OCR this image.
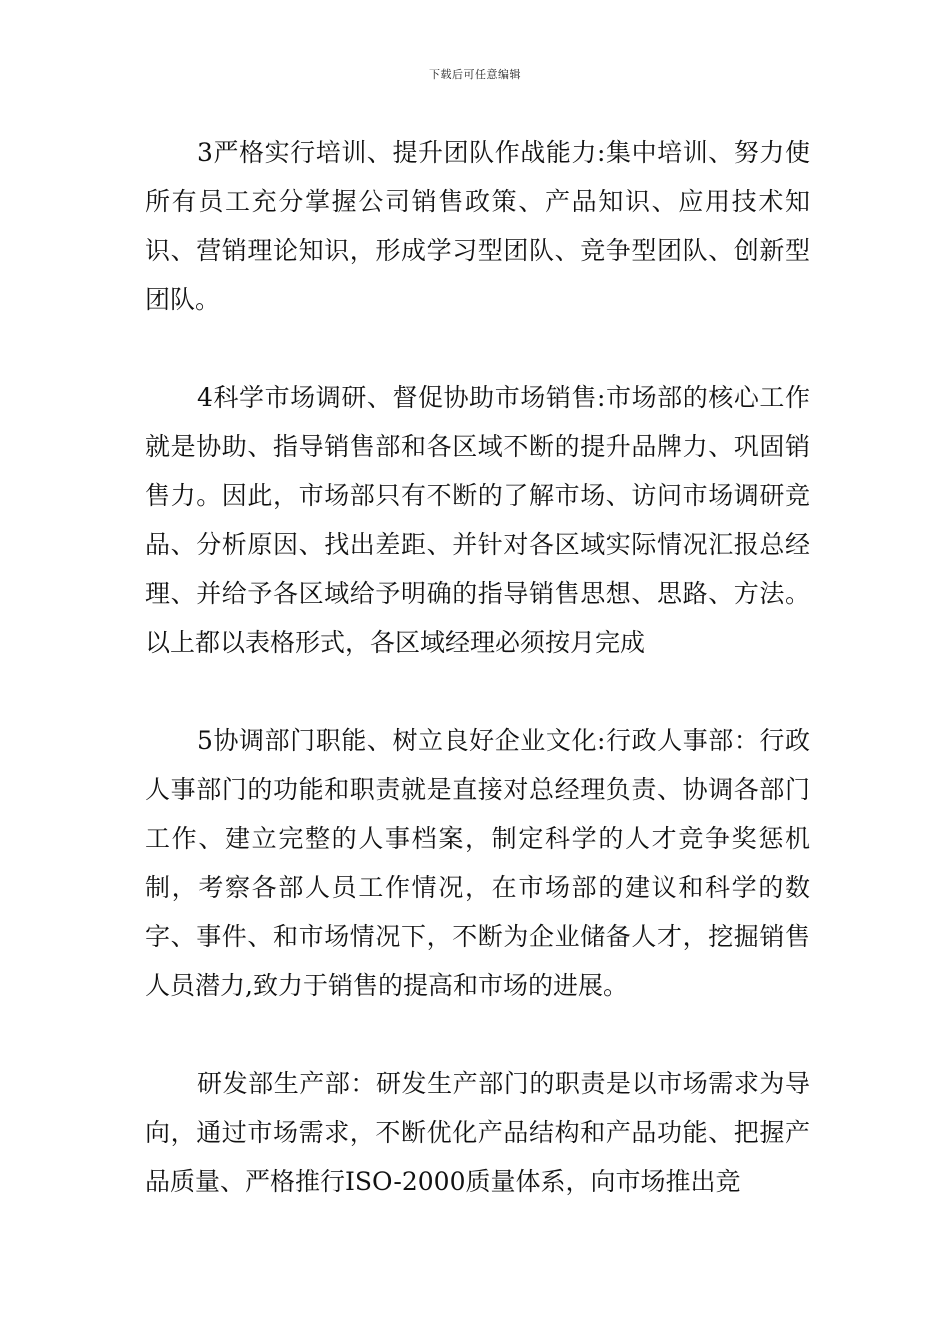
下载后可任意编辑

3严格实行培训、提升团队作战能力:集中培训、努力使所有员工充分掌握公司销售政策、产品知识、应用技术知识、营销理论知识，形成学习型团队、竞争型团队、创新型团队。

4科学市场调研、督促协助市场销售:市场部的核心工作就是协助、指导销售部和各区域不断的提升品牌力、巩固销售力。因此，市场部只有不断的了解市场、访问市场调研竞品、分析原因、找出差距、并针对各区域实际情况汇报总经理、并给予各区域给予明确的指导销售思想、思路、方法。以上都以表格形式，各区域经理必须按月完成

5协调部门职能、树立良好企业文化:行政人事部：行政人事部门的功能和职责就是直接对总经理负责、协调各部门工作、建立完整的人事档案，制定科学的人才竞争奖惩机制，考察各部人员工作情况，在市场部的建议和科学的数字、事件、和市场情况下，不断为企业储备人才，挖掘销售人员潜力,致力于销售的提高和市场的进展。

研发部生产部：研发生产部门的职责是以市场需求为导向，通过市场需求，不断优化产品结构和产品功能、把握产品质量、严格推行ISO-2000质量体系，向市场推出竞
